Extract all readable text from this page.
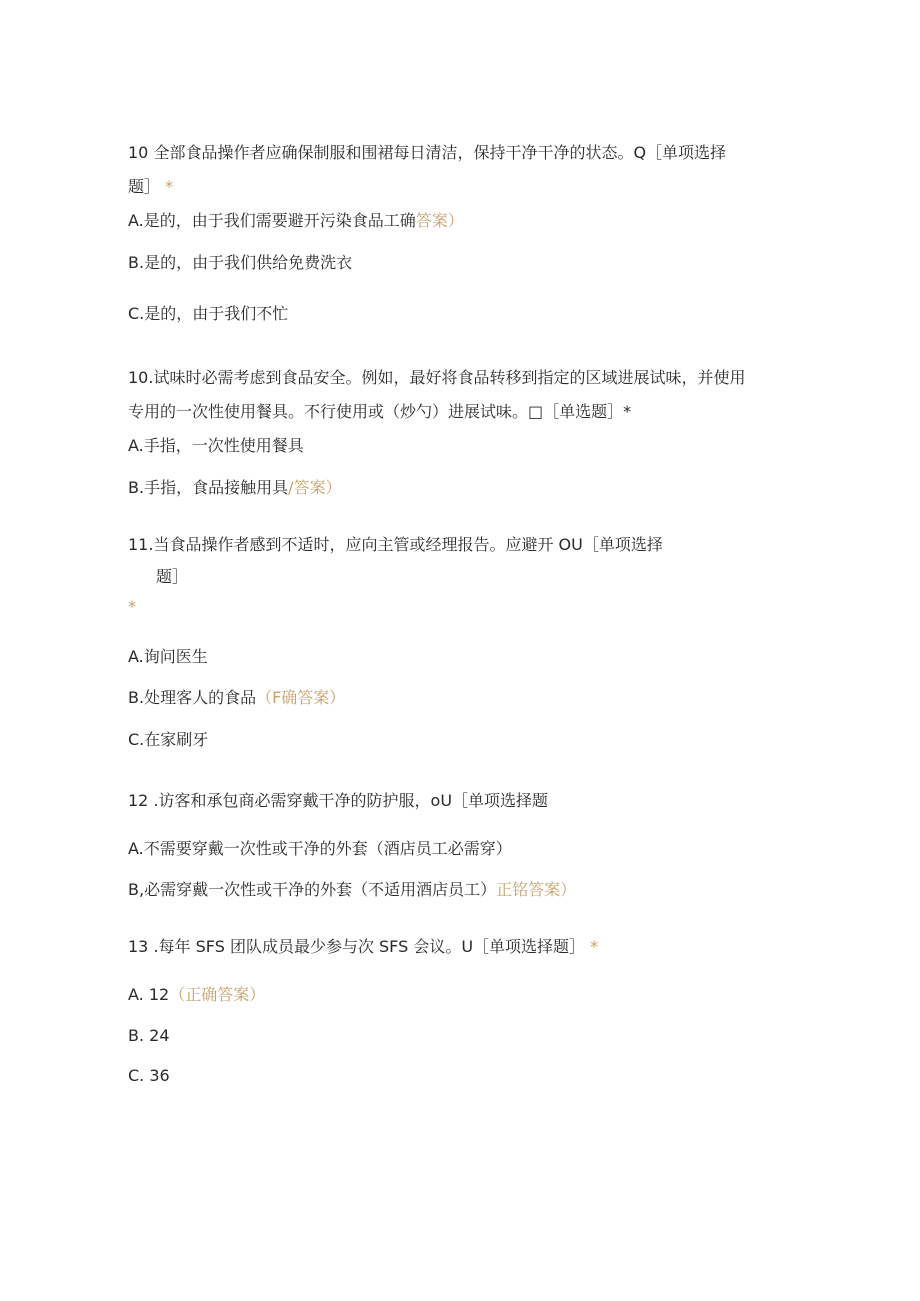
10 全部食品操作者应确保制服和围裙每日清洁，保持干净干净的状态。Q［单项选择
题］ *
A.是的，由于我们需要避开污染食品工确答案）
B.是的，由于我们供给免费洗衣
C.是的，由于我们不忙
10.试味时必需考虑到食品安全。例如，最好将食品转移到指定的区域进展试味，并使用
专用的一次性使用餐具。不行使用或（炒勺）进展试味。□［单选题］*
A.手指，一次性使用餐具
B.手指，食品接触用具/答案）
11.当食品操作者感到不适时，应向主管或经理报告。应避开 OU［单项选择
题］
*
A.询问医生
B.处理客人的食品（F确答案）
C.在家刷牙
12 .访客和承包商必需穿戴干净的防护服，oU［单项选择题
A.不需要穿戴一次性或干净的外套（酒店员工必需穿）
B,必需穿戴一次性或干净的外套（不适用酒店员工）正铭答案）
13 .每年 SFS 团队成员最少参与次 SFS 会议。U［单项选择题］ *
A. 12（正确答案）
B. 24
C. 36
